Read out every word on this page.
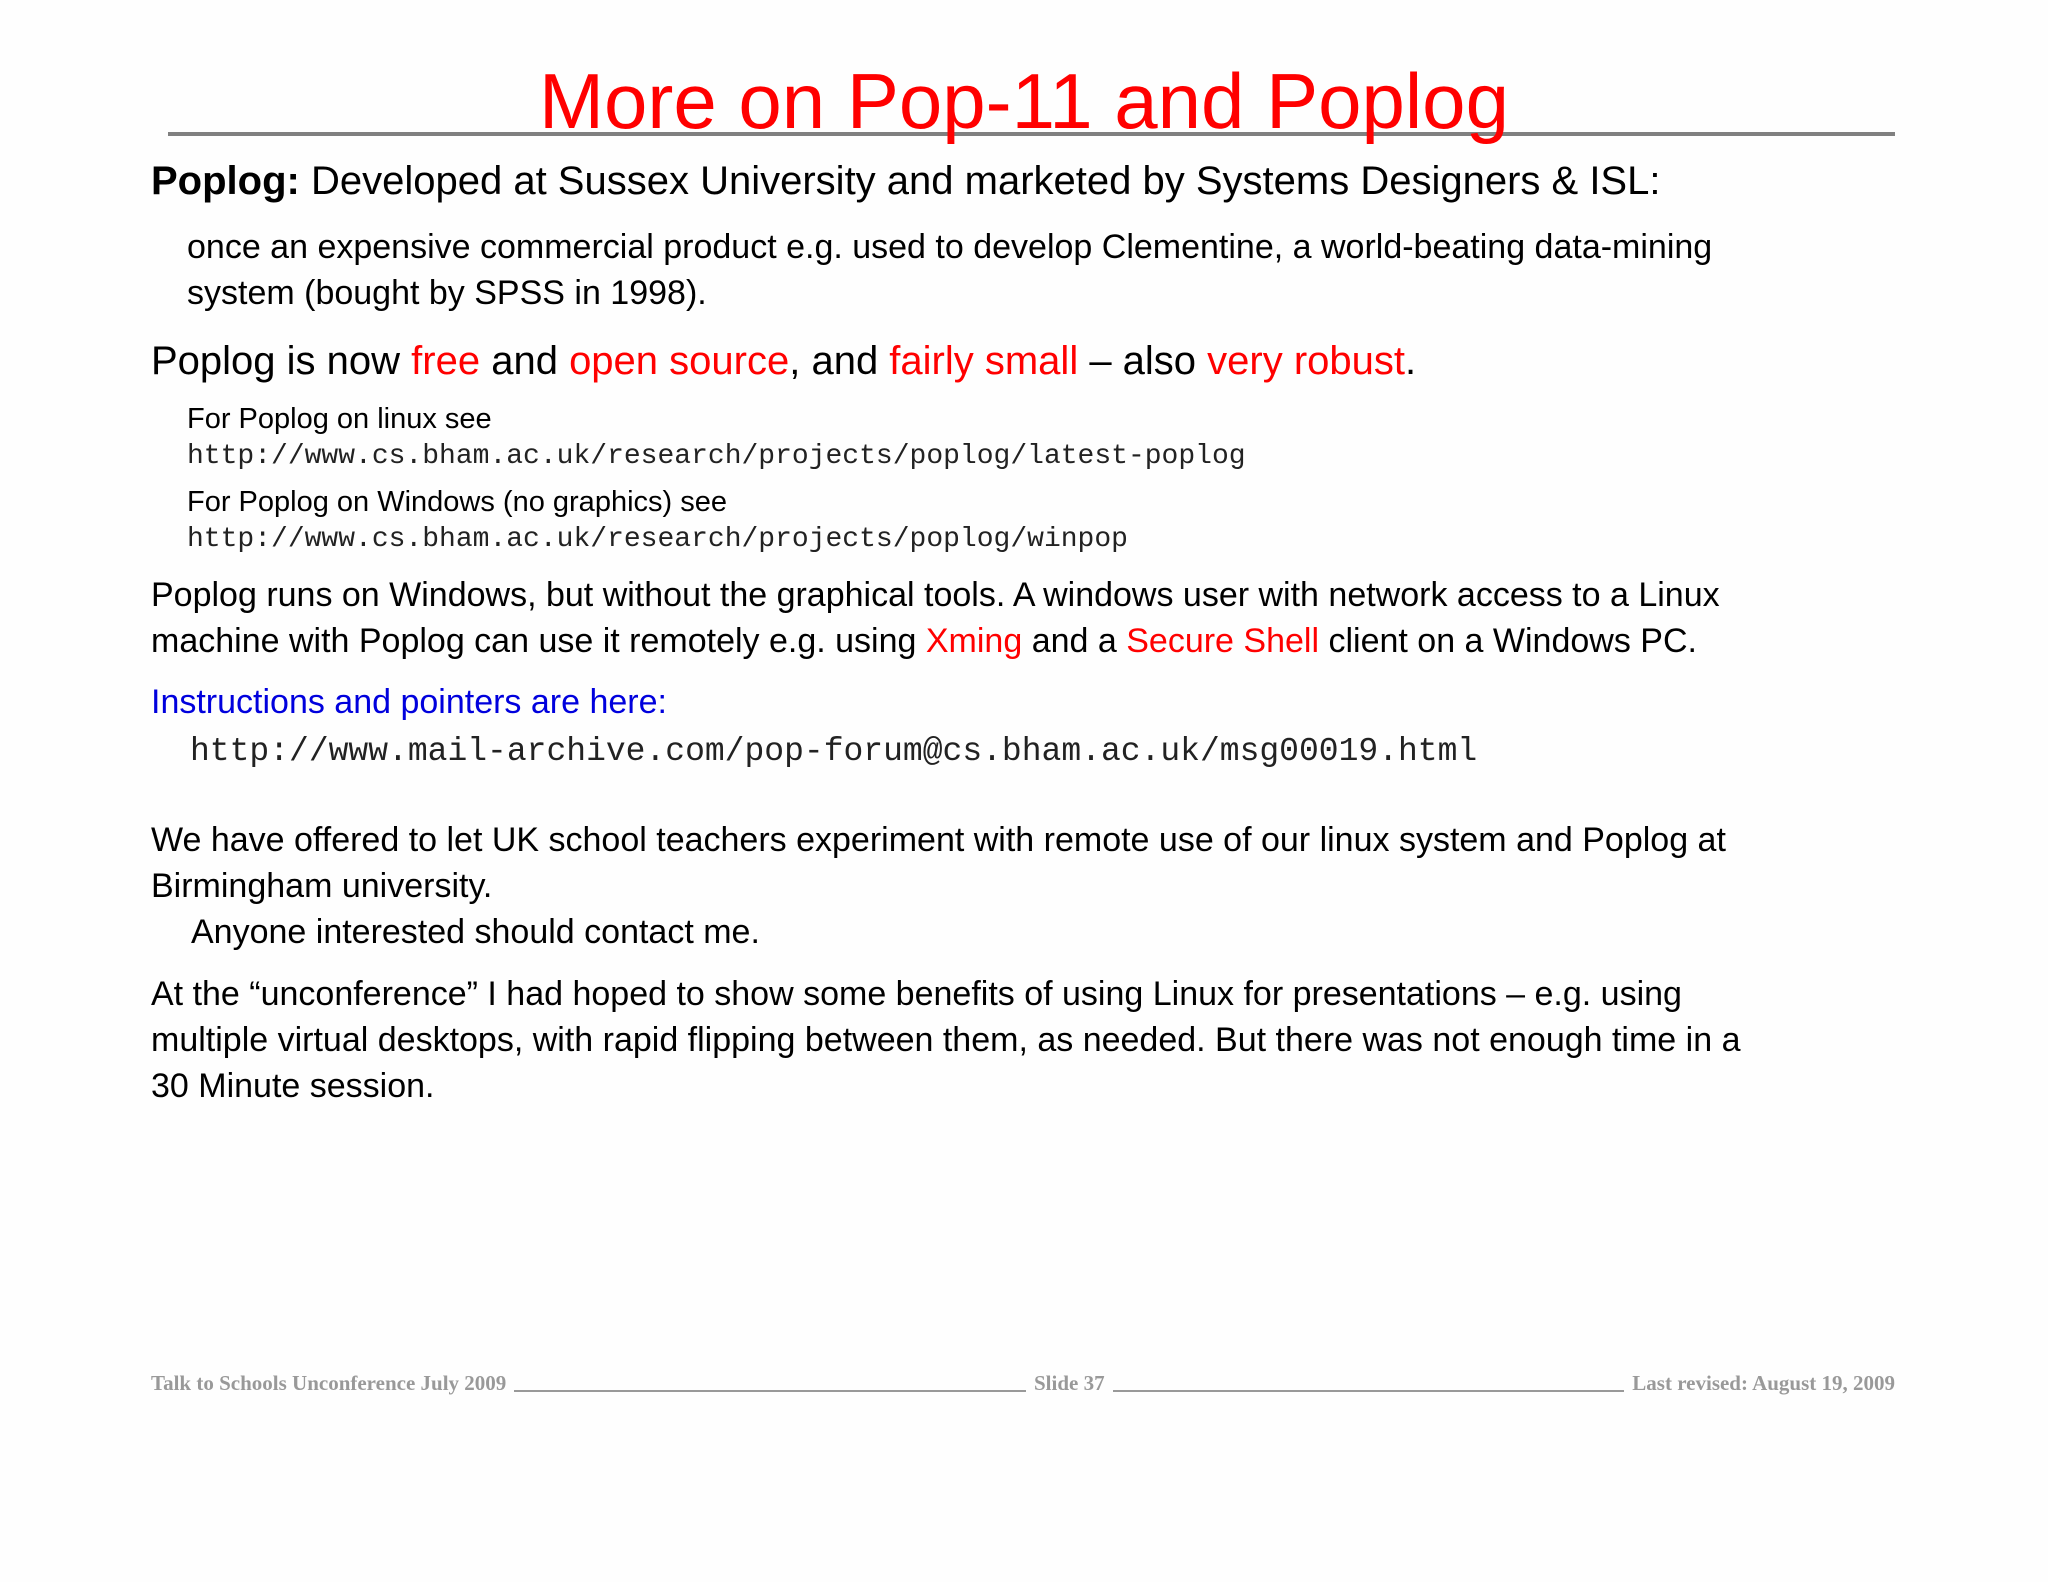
More on Pop-11 and Poplog
Poplog: Developed at Sussex University and marketed by Systems Designers & ISL:
once an expensive commercial product e.g. used to develop Clementine, a world-beating data-mining
system (bought by SPSS in 1998).
Poplog is now free and open source, and fairly small – also very robust.
For Poplog on linux see
http://www.cs.bham.ac.uk/research/projects/poplog/latest-poplog
For Poplog on Windows (no graphics) see
http://www.cs.bham.ac.uk/research/projects/poplog/winpop
Poplog runs on Windows, but without the graphical tools. A windows user with network access to a Linux
machine with Poplog can use it remotely e.g. using Xming and a Secure Shell client on a Windows PC.
Instructions and pointers are here:
http://www.mail-archive.com/pop-forum@cs.bham.ac.uk/msg00019.html
We have offered to let UK school teachers experiment with remote use of our linux system and Poplog at
Birmingham university.
Anyone interested should contact me.
At the “unconference” I had hoped to show some benefits of using Linux for presentations – e.g. using
multiple virtual desktops, with rapid flipping between them, as needed. But there was not enough time in a
30 Minute session.
Talk to Schools Unconference July 2009	Slide 37	Last revised: August 19, 2009
